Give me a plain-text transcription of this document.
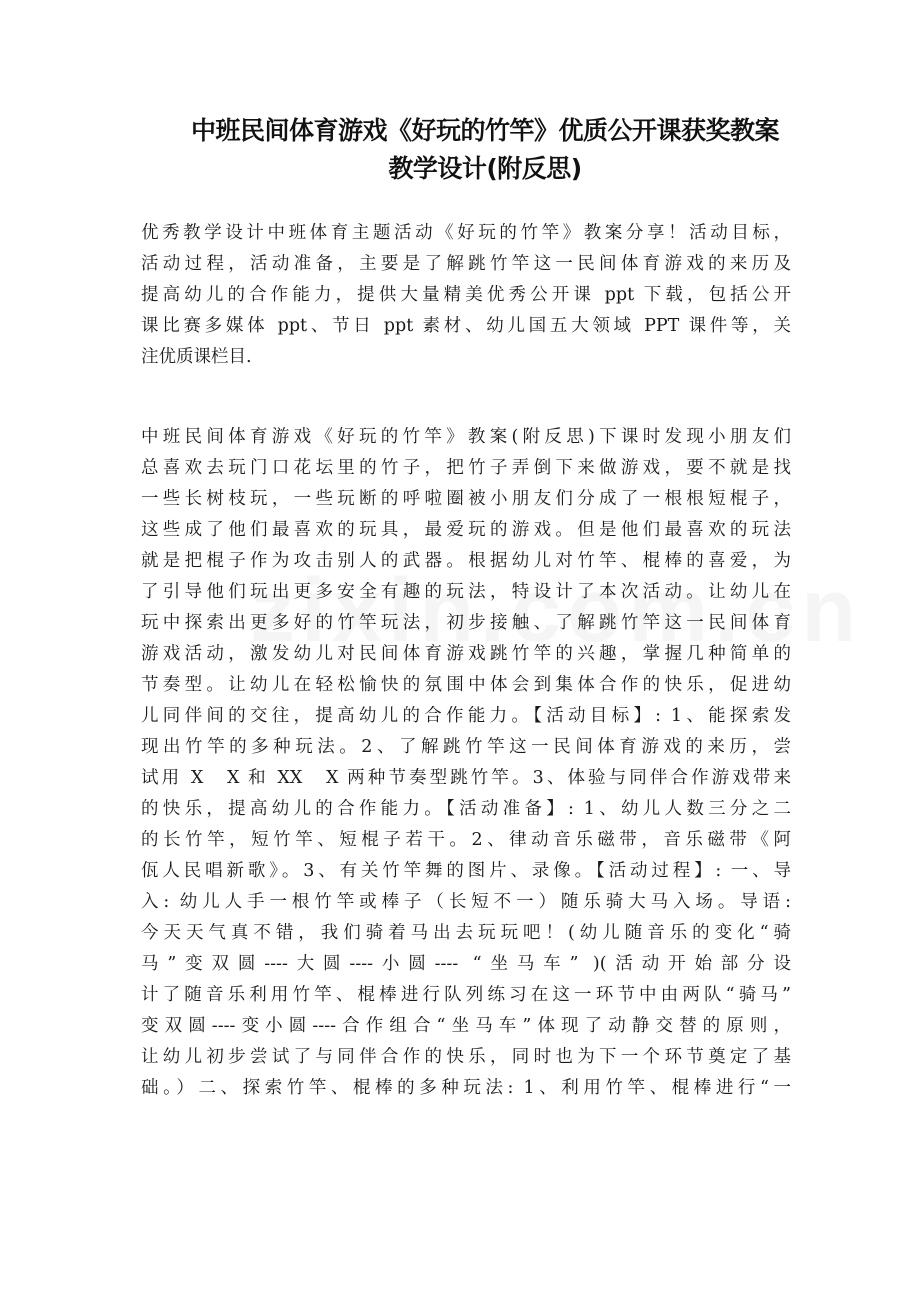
中班民间体育游戏《好玩的竹竿》优质公开课获奖教案
教学设计(附反思)
优秀教学设计中班体育主题活动《好玩的竹竿》教案分享！活动目标，
活动过程，活动准备，主要是了解跳竹竿这一民间体育游戏的来历及
提高幼儿的合作能力，提供大量精美优秀公开课 ppt 下载，包括公开
课比赛多媒体 ppt、节日 ppt 素材、幼儿国五大领域 PPT 课件等，关
注优质课栏目.
中班民间体育游戏《好玩的竹竿》教案(附反思)下课时发现小朋友们
总喜欢去玩门口花坛里的竹子，把竹子弄倒下来做游戏，要不就是找
一些长树枝玩，一些玩断的呼啦圈被小朋友们分成了一根根短棍子，
这些成了他们最喜欢的玩具，最爱玩的游戏。但是他们最喜欢的玩法
就是把棍子作为攻击别人的武器。根据幼儿对竹竿、棍棒的喜爱，为
了引导他们玩出更多安全有趣的玩法，特设计了本次活动。让幼儿在
玩中探索出更多好的竹竿玩法，初步接触、了解跳竹竿这一民间体育
游戏活动，激发幼儿对民间体育游戏跳竹竿的兴趣，掌握几种简单的
节奏型。让幼儿在轻松愉快的氛围中体会到集体合作的快乐，促进幼
儿同伴间的交往，提高幼儿的合作能力。【活动目标】: 1、能探索发
现出竹竿的多种玩法。2、了解跳竹竿这一民间体育游戏的来历，尝
试用 X　X 和 XX　X 两种节奏型跳竹竿。3、体验与同伴合作游戏带来
的快乐，提高幼儿的合作能力。【活动准备】: 1、幼儿人数三分之二
的长竹竿，短竹竿、短棍子若干。2、律动音乐磁带，音乐磁带《阿
佤人民唱新歌》。3、有关竹竿舞的图片、录像。【活动过程】: 一、导
入: 幼儿人手一根竹竿或棒子（长短不一）随乐骑大马入场。导语:
今天天气真不错，我们骑着马出去玩玩吧！(幼儿随音乐的变化“骑
马”变双圆----大圆----小圆---- “坐马车” )(活动开始部分设
计了随音乐利用竹竿、棍棒进行队列练习在这一环节中由两队“骑马”
变双圆----变小圆----合作组合“坐马车”体现了动静交替的原则，
让幼儿初步尝试了与同伴合作的快乐，同时也为下一个环节奠定了基
础。）二、探索竹竿、棍棒的多种玩法: 1、利用竹竿、棍棒进行“一
